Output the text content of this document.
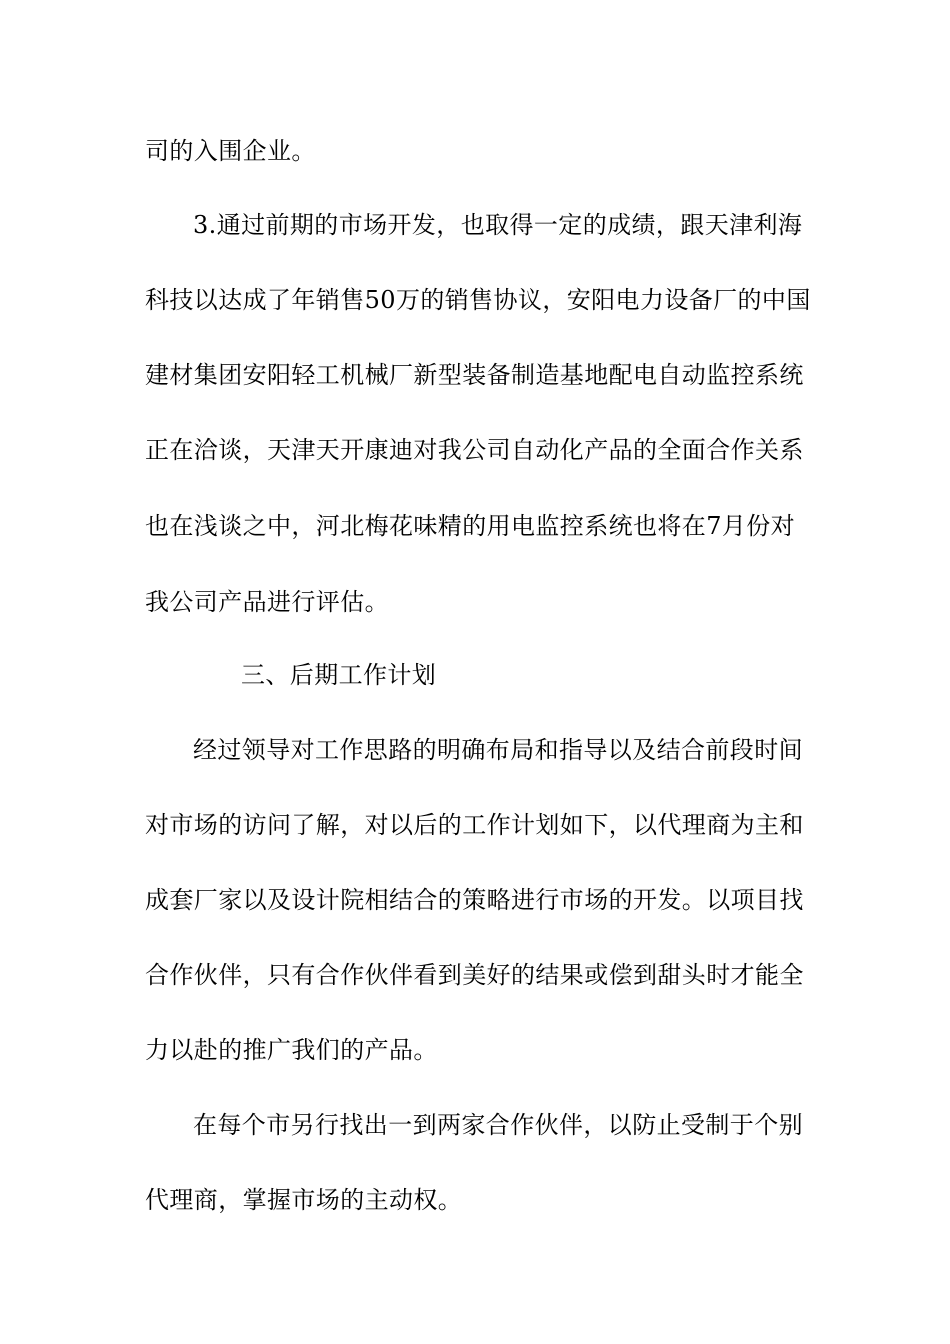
司的入围企业。
3.通过前期的市场开发，也取得一定的成绩，跟天津利海
科技以达成了年销售50万的销售协议，安阳电力设备厂的中国
建材集团安阳轻工机械厂新型装备制造基地配电自动监控系统
正在洽谈，天津天开康迪对我公司自动化产品的全面合作关系
也在浅谈之中，河北梅花味精的用电监控系统也将在7月份对
我公司产品进行评估。
三、后期工作计划
经过领导对工作思路的明确布局和指导以及结合前段时间
对市场的访问了解，对以后的工作计划如下，以代理商为主和
成套厂家以及设计院相结合的策略进行市场的开发。以项目找
合作伙伴，只有合作伙伴看到美好的结果或偿到甜头时才能全
力以赴的推广我们的产品。
在每个市另行找出一到两家合作伙伴，以防止受制于个别
代理商，掌握市场的主动权。
